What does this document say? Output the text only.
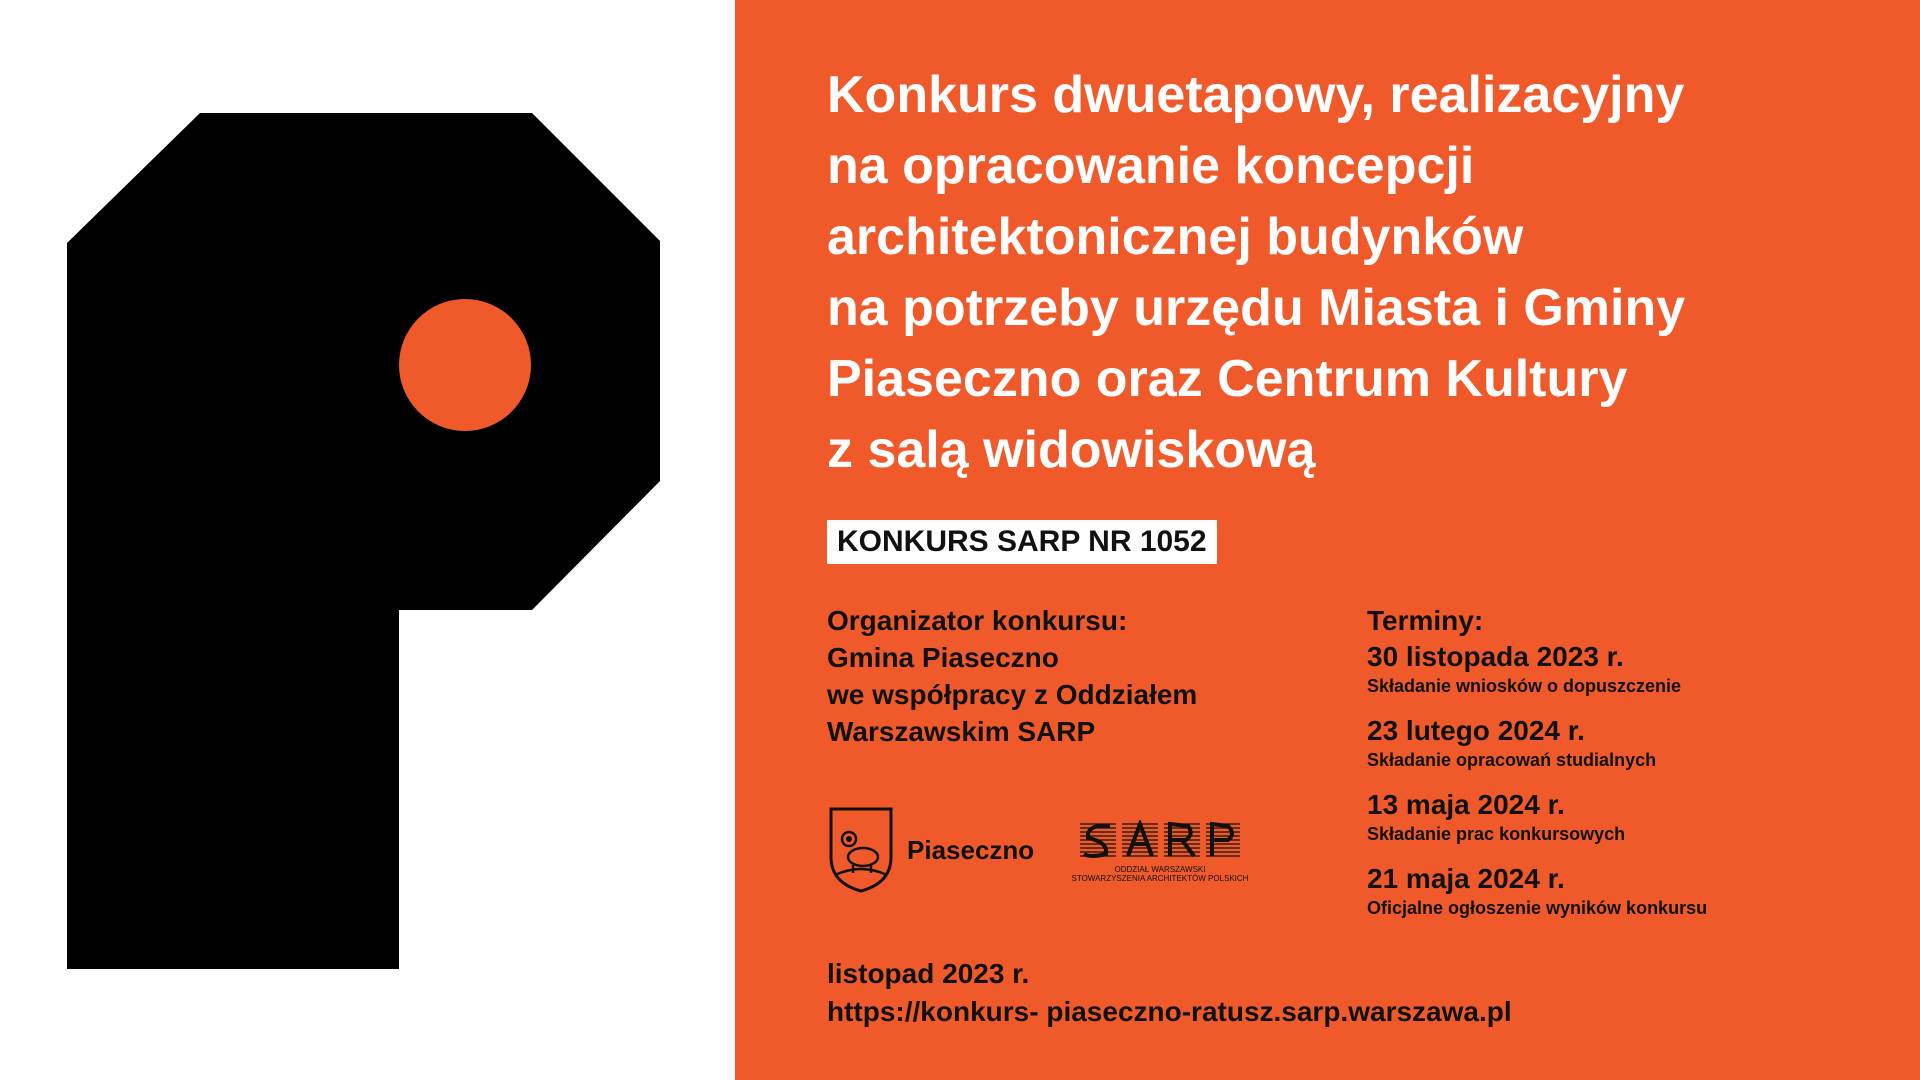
Konkurs dwuetapowy, realizacyjny
na opracowanie koncepcji
architektonicznej budynków
na potrzeby urzędu Miasta i Gminy
Piaseczno oraz Centrum Kultury
z salą widowiskową
KONKURS SARP NR 1052
Organizator konkursu:
Gmina Piaseczno
we współpracy z Oddziałem
Warszawskim SARP
Terminy:
30 listopada 2023 r.
Składanie wniosków o dopuszczenie
23 lutego 2024 r.
Składanie opracowań studialnych
13 maja 2024 r.
Składanie prac konkursowych
21 maja 2024 r.
Oficjalne ogłoszenie wyników konkursu
Piaseczno
ODDZIAŁ WARSZAWSKI
STOWARZYSZENIA ARCHITEKTÓW POLSKICH
listopad 2023 r.
https://konkurs- piaseczno-ratusz.sarp.warszawa.pl
